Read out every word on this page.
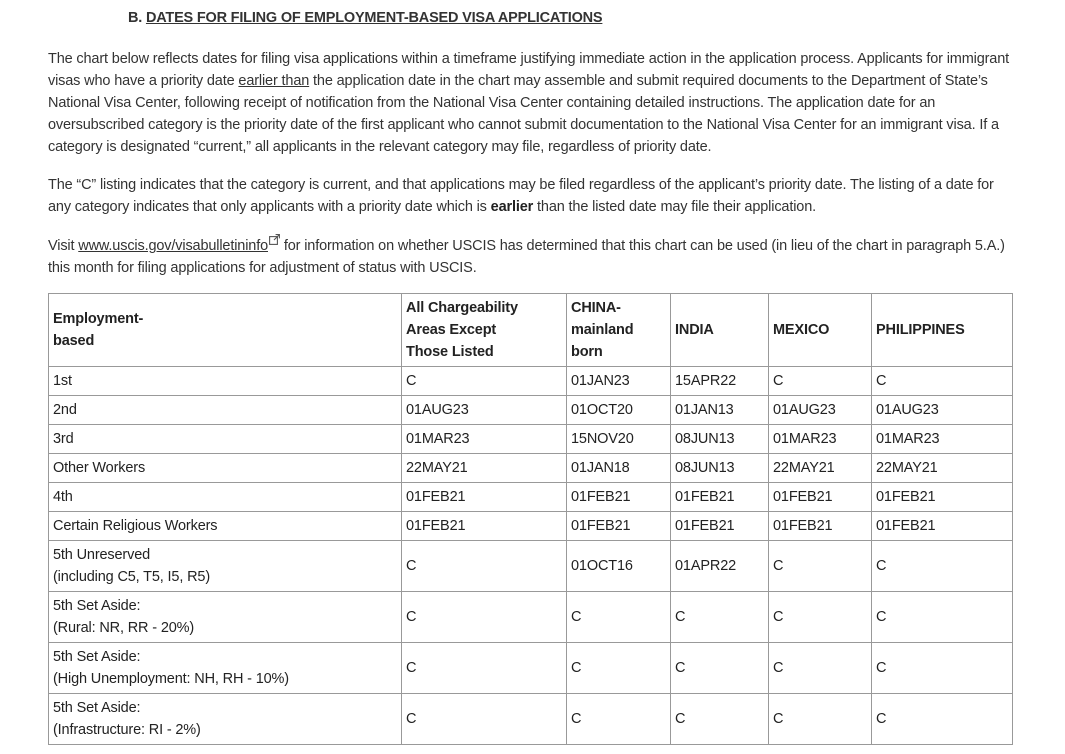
B. DATES FOR FILING OF EMPLOYMENT-BASED VISA APPLICATIONS
The chart below reflects dates for filing visa applications within a timeframe justifying immediate action in the application process. Applicants for immigrant visas who have a priority date earlier than the application date in the chart may assemble and submit required documents to the Department of State’s National Visa Center, following receipt of notification from the National Visa Center containing detailed instructions. The application date for an oversubscribed category is the priority date of the first applicant who cannot submit documentation to the National Visa Center for an immigrant visa. If a category is designated “current,” all applicants in the relevant category may file, regardless of priority date.
The “C” listing indicates that the category is current, and that applications may be filed regardless of the applicant’s priority date. The listing of a date for any category indicates that only applicants with a priority date which is earlier than the listed date may file their application.
Visit www.uscis.gov/visabulletininfo for information on whether USCIS has determined that this chart can be used (in lieu of the chart in paragraph 5.A.) this month for filing applications for adjustment of status with USCIS.
Employment-
based	All Chargeability
Areas Except
Those Listed	CHINA-
mainland
born	INDIA	MEXICO	PHILIPPINES
1st	C	01JAN23	15APR22	C	C
2nd	01AUG23	01OCT20	01JAN13	01AUG23	01AUG23
3rd	01MAR23	15NOV20	08JUN13	01MAR23	01MAR23
Other Workers	22MAY21	01JAN18	08JUN13	22MAY21	22MAY21
4th	01FEB21	01FEB21	01FEB21	01FEB21	01FEB21
Certain Religious Workers	01FEB21	01FEB21	01FEB21	01FEB21	01FEB21
5th Unreserved
(including C5, T5, I5, R5)	C	01OCT16	01APR22	C	C
5th Set Aside:
(Rural: NR, RR - 20%)	C	C	C	C	C
5th Set Aside:
(High Unemployment: NH, RH - 10%)	C	C	C	C	C
5th Set Aside:
(Infrastructure: RI - 2%)	C	C	C	C	C
